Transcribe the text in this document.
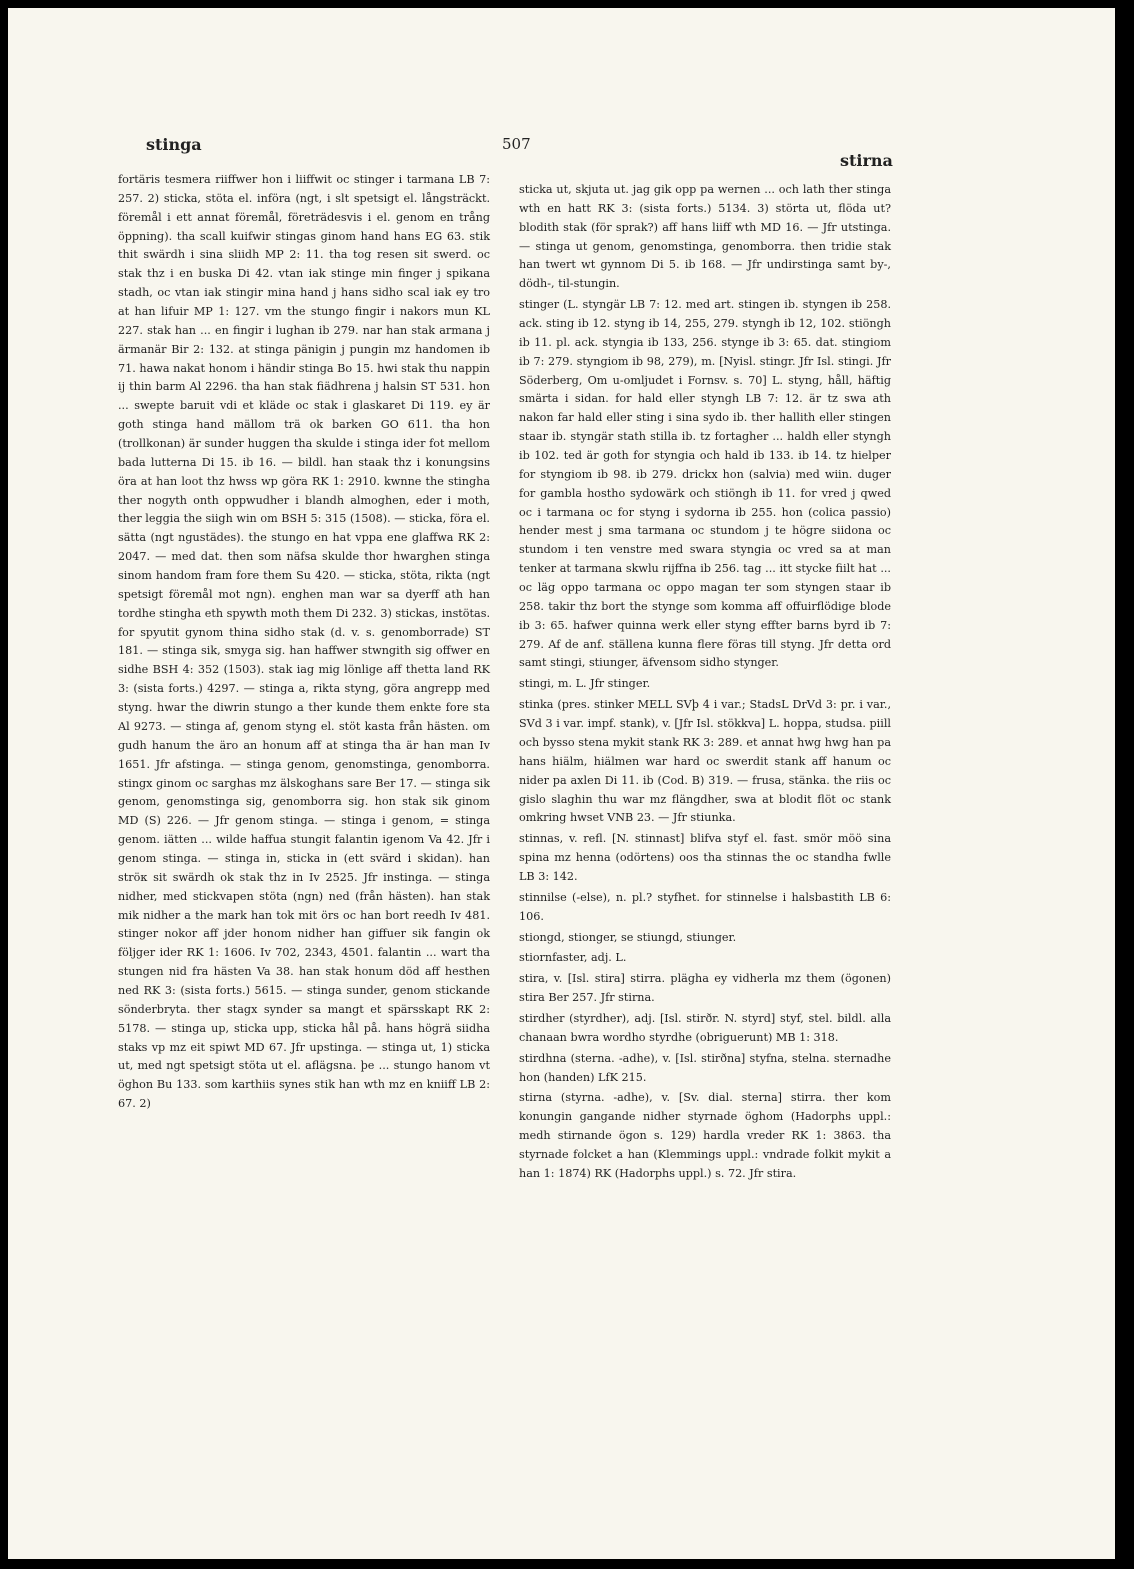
stinga	507
stirna

fortäris tesmera riiffwer hon i liiffwit oc stinger i tarmana LB 7: 257. 2) sticka, stöta el. införa (ngt, i slt spetsigt el. långsträckt. föremål i ett annat föremål, företrädesvis i el. genom en trång öppning). tha scall kuifwir stingas ginom hand hans EG 63. stik thit swärdh i sina sliidh MP 2: 11. tha tog resen sit swerd. oc stak thz i en buska Di 42. vtan iak stinge min finger j spikana stadh, oc vtan iak stingir mina hand j hans sidho scal iak ey tro at han lifuir MP 1: 127. vm the stungo fingir i nakors mun KL 227. stak han ... en fingir i lughan ib 279. nar han stak armana j ärmanär Bir 2: 132. at stinga pänigin j pungin mz handomen ib 71. hawa nakat honom i händir stinga Bo 15. hwi stak thu nappin ij thin barm Al 2296. tha han stak fiädhrena j halsin ST 531. hon ... swepte baruit vdi et kläde oc stak i glaskaret Di 119. ey är goth stinga hand mällom trä ok barken GO 611. tha hon (trollkonan) är sunder huggen tha skulde i stinga ider fot mellom bada lutterna Di 15. ib 16. — bildl. han staak thz i konungsins öra at han loot thz hwss wp göra RK 1: 2910. kwnne the stingha ther nogyth onth oppwudher i blandh almoghen, eder i moth, ther leggia the siigh win om BSH 5: 315 (1508). — sticka, föra el. sätta (ngt ngustädes). the stungo en hat vppa ene glaffwa RK 2: 2047. — med dat. then som näfsa skulde thor hwarghen stinga sinom handom fram fore them Su 420. — sticka, stöta, rikta (ngt spetsigt föremål mot ngn). enghen man war sa dyerff ath han tordhe stingha eth spywth moth them Di 232. 3) stickas, instötas. for spyutit gynom thina sidho stak (d. v. s. genomborrade) ST 181. — stinga sik, smyga sig. han haffwer stwngith sig offwer en sidhe BSH 4: 352 (1503). stak iag mig lönlige aff thetta land RK 3: (sista forts.) 4297. — stinga a, rikta styng, göra angrepp med styng. hwar the diwrin stungo a ther kunde them enkte fore sta Al 9273. — stinga af, genom styng el. stöt kasta från hästen. om gudh hanum the äro an honum aff at stinga tha är han man Iv 1651. Jfr afstinga. — stinga genom, genomstinga, genomborra. stingx ginom oc sarghas mz älskoghans sare Ber 17. — stinga sik genom, genomstinga sig, genomborra sig. hon stak sik ginom MD (S) 226. — Jfr genom stinga. — stinga i genom, = stinga genom. iätten ... wilde haffua stungit falantin igenom Va 42. Jfr i genom stinga. — stinga in, sticka in (ett svärd i skidan). han ströк sit swärdh ok stak thz in Iv 2525. Jfr instinga. — stinga nidher, med stickvapen stöta (ngn) ned (från hästen). han stak mik nidher a the mark han tok mit örs oc han bort reedh Iv 481. stinger nokor aff jder honom nidher han giffuer sik fangin ok följger ider RK 1: 1606. Iv 702, 2343, 4501. falantin ... wart tha stungen nid fra hästen Va 38. han stak honum död aff hesthen ned RK 3: (sista forts.) 5615. — stinga sunder, genom stickande sönderbryta. ther stagx synder sa mangt et spärsskapt RK 2: 5178. — stinga up, sticka upp, sticka hål på. hans högrä siidha staks vp mz eit spiwt MD 67. Jfr upstinga. — stinga ut, 1) sticka ut, med ngt spetsigt stöta ut el. aflägsna. þe ... stungo hanom vt öghon Bu 133. som karthiis synes stik han wth mz en kniiff LB 2: 67. 2)

sticka ut, skjuta ut. jag gik opp pa wernen ... och lath ther stinga wth en hatt RK 3: (sista forts.) 5134. 3) störta ut, flöda ut? blodith stak (för sprak?) aff hans liiff wth MD 16. — Jfr utstinga. — stinga ut genom, genomstinga, genomborra. then tridie stak han twert wt gynnom Di 5. ib 168. — Jfr undirstinga samt by-, dödh-, til-stungin.

stinger (L. styngär LB 7: 12. med art. stingen ib. styngen ib 258. ack. sting ib 12. styng ib 14, 255, 279. styngh ib 12, 102. stiöngh ib 11. pl. ack. styngia ib 133, 256. stynge ib 3: 65. dat. stingiom ib 7: 279. styngiom ib 98, 279), m. [Nyisl. stingr. Jfr Isl. stingi. Jfr Söderberg, Om u-omljudet i Fornsv. s. 70] L. styng, håll, häftig smärta i sidan. for hald eller styngh LB 7: 12. är tz swa ath nakon far hald eller sting i sina sydo ib. ther hallith eller stingen staar ib. styngär stath stilla ib. tz fortagher ... haldh eller styngh ib 102. ted är goth for styngia och hald ib 133. ib 14. tz hielper for styngiom ib 98. ib 279. drickx hon (salvia) med wiin. duger for gambla hostho sydowärk och stiöngh ib 11. for vred j qwed oc i tarmana oc for styng i sydorna ib 255. hon (colica passio) hender mest j sma tarmana oc stundom j te högre siidona oc stundom i ten venstre med swara styngia oc vred sa at man tenker at tarmana skwlu rijffna ib 256. tag ... itt stycke fiilt hat ... oc läg oppo tarmana oc oppo magan ter som styngen staar ib 258. takir thz bort the stynge som komma aff offuirflödige blode ib 3: 65. hafwer quinna werk eller styng effter barns byrd ib 7: 279. Af de anf. ställena kunna flere föras till styng. Jfr detta ord samt stingi, stiunger, äfvensom sidho stynger.

stingi, m. L. Jfr stinger.

stinka (pres. stinker MELL SVþ 4 i var.; StadsL DrVd 3: pr. i var., SVd 3 i var. impf. stank), v. [Jfr Isl. stökkva] L. hoppa, studsa. piill och bysso stena mykit stank RK 3: 289. et annat hwg hwg han pa hans hiälm, hiälmen war hard oc swerdit stank aff hanum oc nider pa axlen Di 11. ib (Cod. B) 319. — frusa, stänka. the riis oc gislo slaghin thu war mz flängdher, swa at blodit flöt oc stank omkring hwset VNB 23. — Jfr stiunka.

stinnas, v. refl. [N. stinnast] blifva styf el. fast. smör möö sina spina mz henna (odörtens) oos tha stinnas the oc standha fwlle LB 3: 142.

stinnilse (-else), n. pl.? styfhet. for stinnelse i halsbastith LB 6: 106.

stiongd, stionger, se stiungd, stiunger.

stiornfaster, adj. L.

stira, v. [Isl. stira] stirra. plägha ey vidherla mz them (ögonen) stira Ber 257. Jfr stirna.

stirdher (styrdher), adj. [Isl. stirðr. N. styrd] styf, stel. bildl. alla chanaan bwra wordho styrdhe (obriguerunt) MB 1: 318.

stirdhna (sterna. -adhe), v. [Isl. stirðna] styfna, stelna. sternadhe hon (handen) LfK 215.

stirna (styrna. -adhe), v. [Sv. dial. sterna] stirra. ther kom konungin gangande nidher styrnade öghom (Hadorphs uppl.: medh stirnande ögon s. 129) hardla vreder RK 1: 3863. tha styrnade folcket a han (Klemmings uppl.: vndrade folkit mykit a han 1: 1874) RK (Hadorphs uppl.) s. 72. Jfr stira.
